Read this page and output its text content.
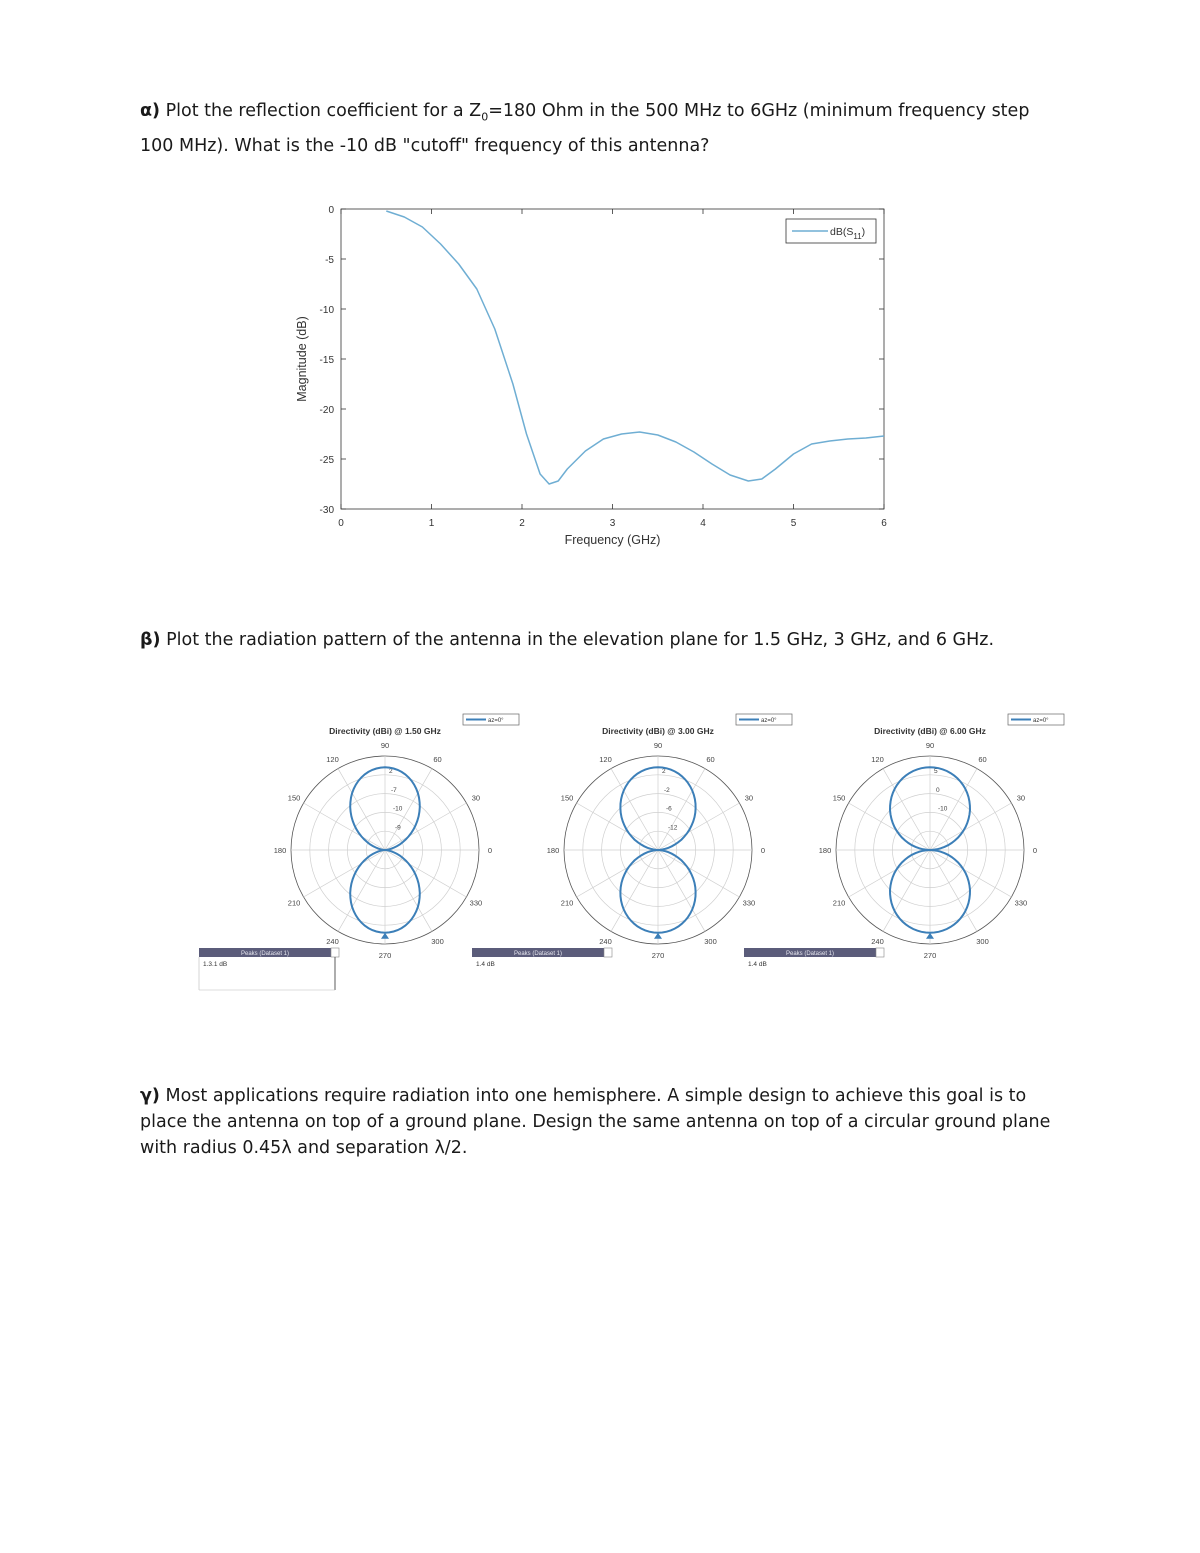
α) Plot the reflection coefficient for a $Z_0=180$ Ohm in the 500 MHz to 6GHz (minimum frequency step 100 MHz). What is the -10 dB "cutoff" frequency of this antenna?
0	1	2	3	4	5	6
0
-5
-10
-15
-20
-25
-30
Frequency (GHz)
Magnitude (dB)
$dB(S_{11})$
β) Plot the radiation pattern of the antenna in the elevation plane for 1.5 GHz, 3 GHz, and 6 GHz.
90
60
30
0
330
300
270
240
210
180
150
120
2
-7
-10
-9
Directivity (dBi) @ 1.50 GHz
az=0°
Peaks (Dataset 1)
1.3.1 dB
90
60
30
0
330
300
270
240
210
180
150
120
2
-2
-6
-12
Directivity (dBi) @ 3.00 GHz
az=0°
Peaks (Dataset 1)
1.4 dB
90
60
30
0
330
300
270
240
210
180
150
120
5
0
-10
Directivity (dBi) @ 6.00 GHz
az=0°
Peaks (Dataset 1)
1.4 dB
γ) Most applications require radiation into one hemisphere. A simple design to achieve this goal is to place the antenna on top of a ground plane. Design the same antenna on top of a circular ground plane with radius 0.45λ and separation λ/2.
